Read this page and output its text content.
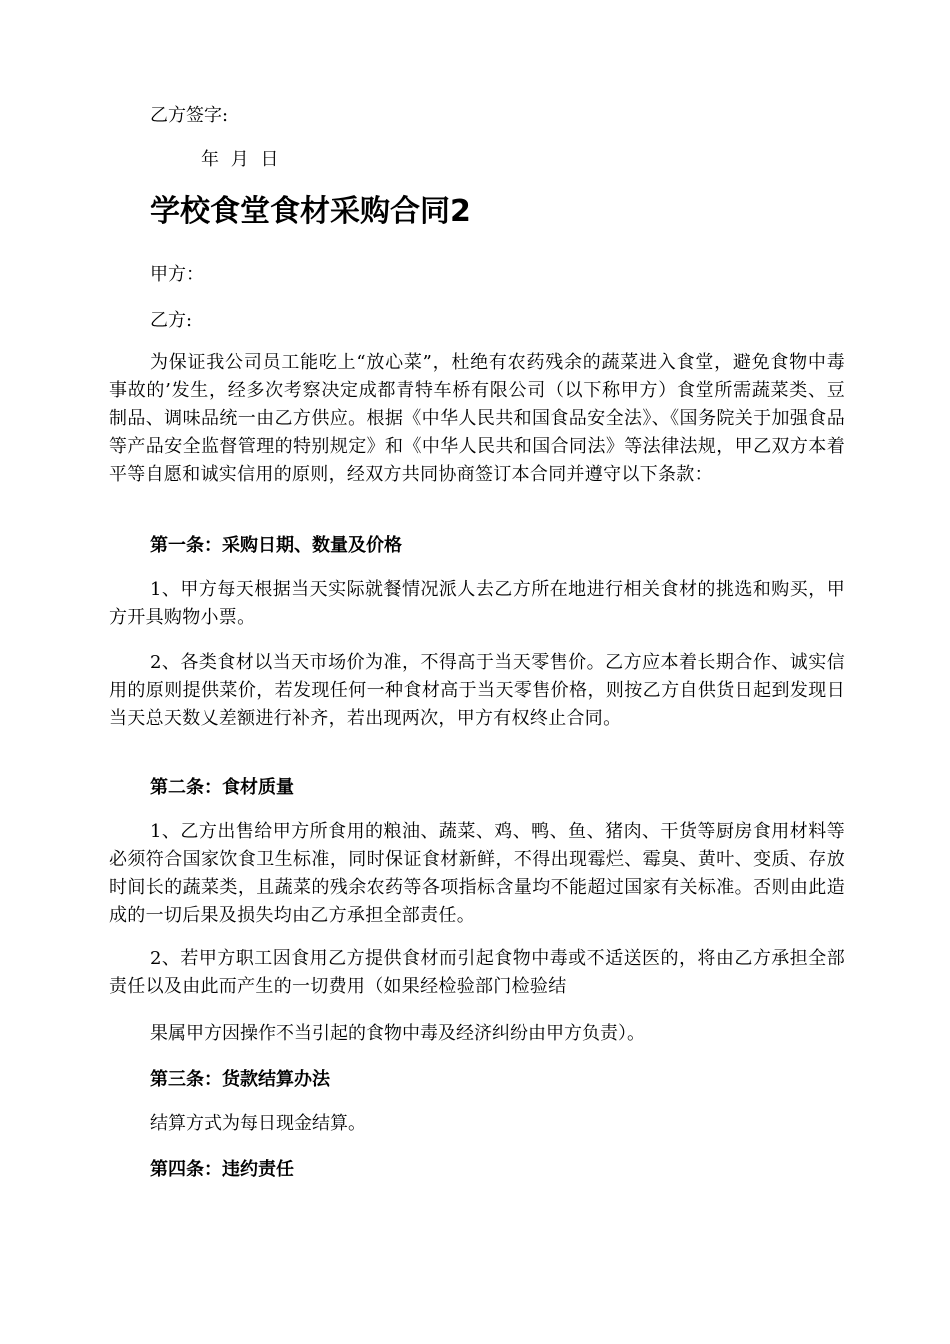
乙方签字:
年 月 日
学校食堂食材采购合同2
甲方：
乙方:
为保证我公司员工能吃上“放心菜”，杜绝有农药残余的蔬菜进入食堂，避免食物中毒事故的’发生，经多次考察决定成都青特车桥有限公司（以下称甲方）食堂所需蔬菜类、豆制品、调味品统一由乙方供应。根据《中华人民共和国食品安全法》、《国务院关于加强食品等产品安全监督管理的特别规定》和《中华人民共和国合同法》等法律法规，甲乙双方本着平等自愿和诚实信用的原则，经双方共同协商签订本合同并遵守以下条款：
第一条：采购日期、数量及价格
1、甲方每天根据当天实际就餐情况派人去乙方所在地进行相关食材的挑选和购买，甲方开具购物小票。
2、各类食材以当天市场价为准，不得高于当天零售价。乙方应本着长期合作、诚实信用的原则提供菜价，若发现任何一种食材高于当天零售价格，则按乙方自供货日起到发现日当天总天数乂差额进行补齐，若出现两次，甲方有权终止合同。
第二条：食材质量
1、乙方出售给甲方所食用的粮油、蔬菜、鸡、鸭、鱼、猪肉、干货等厨房食用材料等必须符合国家饮食卫生标准，同时保证食材新鲜，不得出现霉烂、霉臭、黄叶、变质、存放时间长的蔬菜类，且蔬菜的残余农药等各项指标含量均不能超过国家有关标准。否则由此造成的一切后果及损失均由乙方承担全部责任。
2、若甲方职工因食用乙方提供食材而引起食物中毒或不适送医的，将由乙方承担全部责任以及由此而产生的一切费用（如果经检验部门检验结
果属甲方因操作不当引起的食物中毒及经济纠纷由甲方负责）。
第三条：货款结算办法
结算方式为每日现金结算。
第四条：违约责任
